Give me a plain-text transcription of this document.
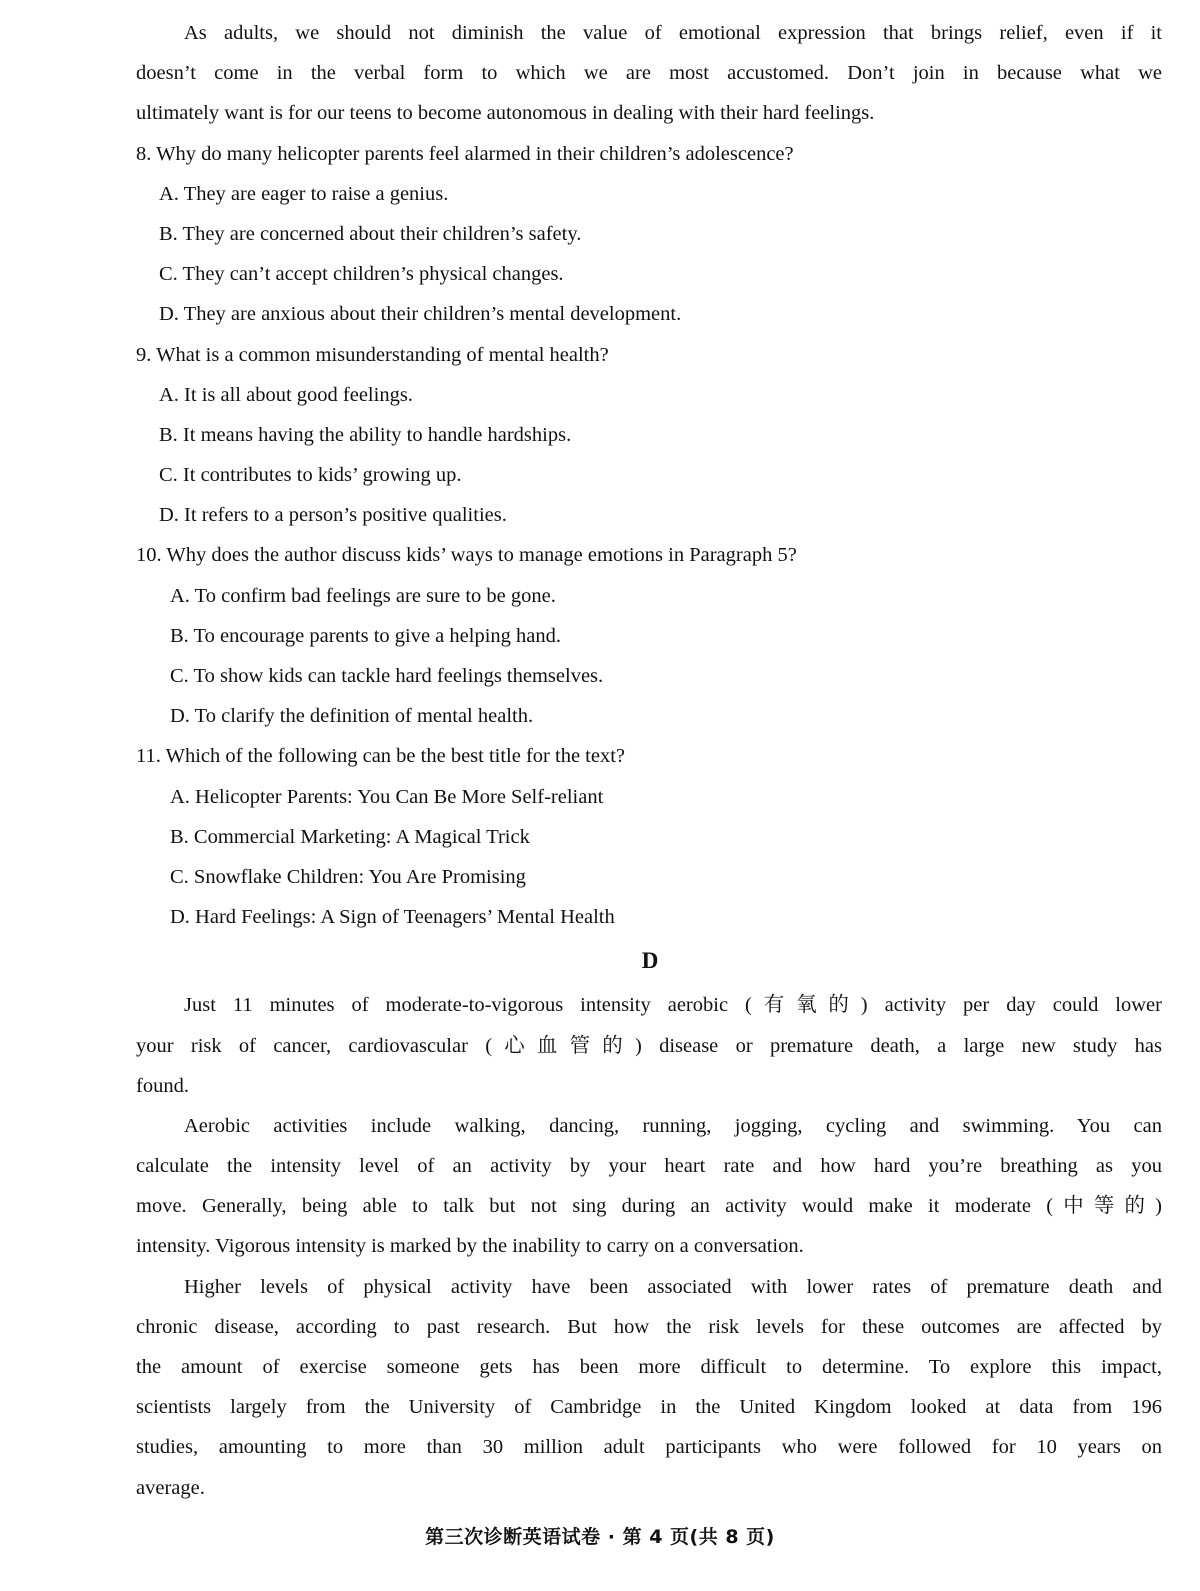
As adults, we should not diminish the value of emotional expression that brings relief, even if it
doesn’t come in the verbal form to which we are most accustomed. Don’t join in because what we
ultimately want is for our teens to become autonomous in dealing with their hard feelings.
8. Why do many helicopter parents feel alarmed in their children’s adolescence?
A. They are eager to raise a genius.
B. They are concerned about their children’s safety.
C. They can’t accept children’s physical changes.
D. They are anxious about their children’s mental development.
9. What is a common misunderstanding of mental health?
A. It is all about good feelings.
B. It means having the ability to handle hardships.
C. It contributes to kids’ growing up.
D. It refers to a person’s positive qualities.
10. Why does the author discuss kids’ ways to manage emotions in Paragraph 5?
A. To confirm bad feelings are sure to be gone.
B. To encourage parents to give a helping hand.
C. To show kids can tackle hard feelings themselves.
D. To clarify the definition of mental health.
11. Which of the following can be the best title for the text?
A. Helicopter Parents: You Can Be More Self-reliant
B. Commercial Marketing: A Magical Trick
C. Snowflake Children: You Are Promising
D. Hard Feelings: A Sign of Teenagers’ Mental Health
D
Just 11 minutes of moderate-to-vigorous intensity aerobic (有氧的) activity per day could lower
your risk of cancer, cardiovascular (心血管的) disease or premature death, a large new study has
found.
Aerobic activities include walking, dancing, running, jogging, cycling and swimming. You can
calculate the intensity level of an activity by your heart rate and how hard you’re breathing as you
move. Generally, being able to talk but not sing during an activity would make it moderate (中等的)
intensity. Vigorous intensity is marked by the inability to carry on a conversation.
Higher levels of physical activity have been associated with lower rates of premature death and
chronic disease, according to past research. But how the risk levels for these outcomes are affected by
the amount of exercise someone gets has been more difficult to determine. To explore this impact,
scientists largely from the University of Cambridge in the United Kingdom looked at data from 196
studies, amounting to more than 30 million adult participants who were followed for 10 years on
average.
第三次诊断英语试卷 · 第 4 页(共 8 页)
